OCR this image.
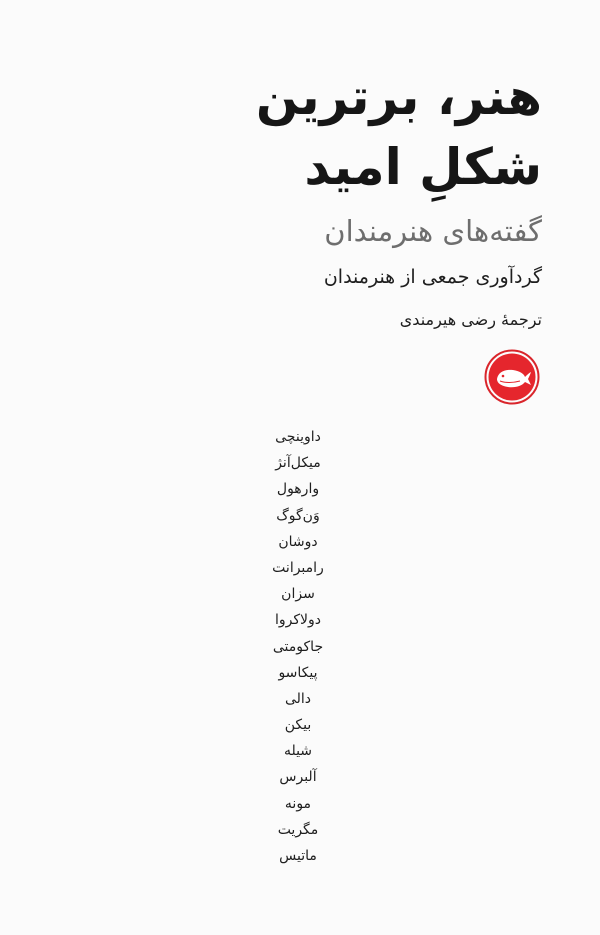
هنر، برترین
شکلِ امید
گفته‌های هنرمندان
گردآوری جمعی از هنرمندان
ترجمهٔ رضی هیرمندی
داوینچی
میکل‌آنژ
وارهول
وَن‌گوگ
دوشان
رامبرانت
سزان
دولاکروا
جاکومتی
پیکاسو
دالی
بیکن
شیله
آلبرس
مونه
مگریت
ماتیس
